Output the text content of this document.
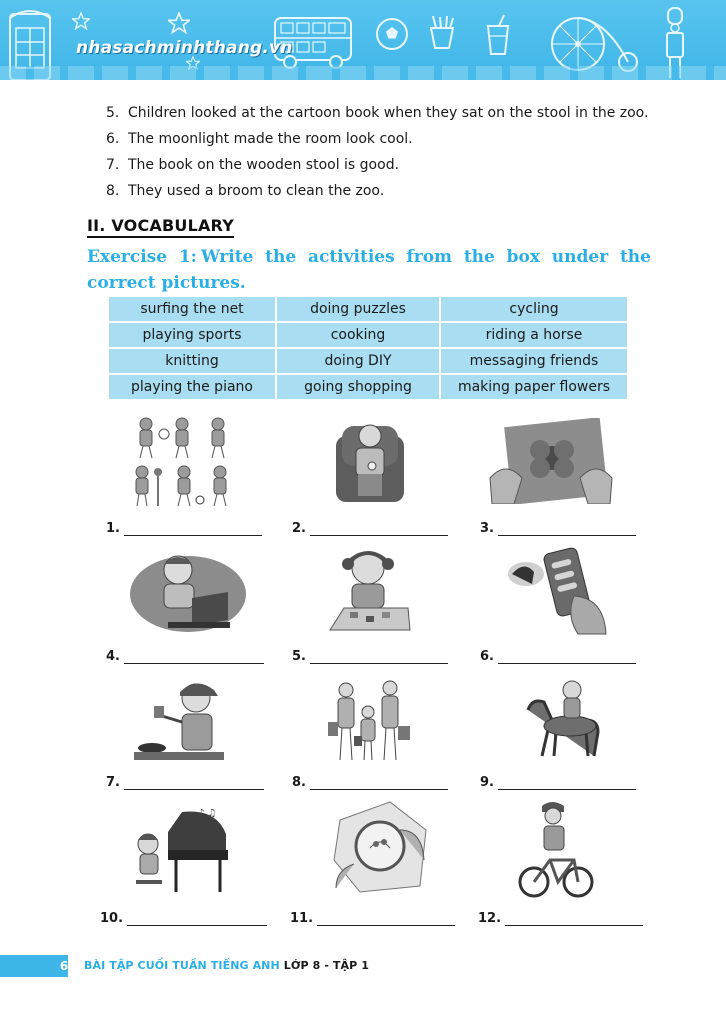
nhasachminhthang.vn
5. Children looked at the cartoon book when they sat on the stool in the zoo.
6. The moonlight made the room look cool.
7. The book on the wooden stool is good.
8. They used a broom to clean the zoo.
II. VOCABULARY
Exercise 1: Write the activities from the box under the correct pictures.
surfing the net	doing puzzles	cycling
playing sports	cooking	riding a horse
knitting	doing DIY	messaging friends
playing the piano	going shopping	making paper flowers
1.	2.	3.
4.	5.	6.
7.	8.	9.
♪ ♫
10.	11.	12.
6	BÀI TẬP CUỐI TUẦN TIẾNG ANH LỚP 8 - TẬP 1
